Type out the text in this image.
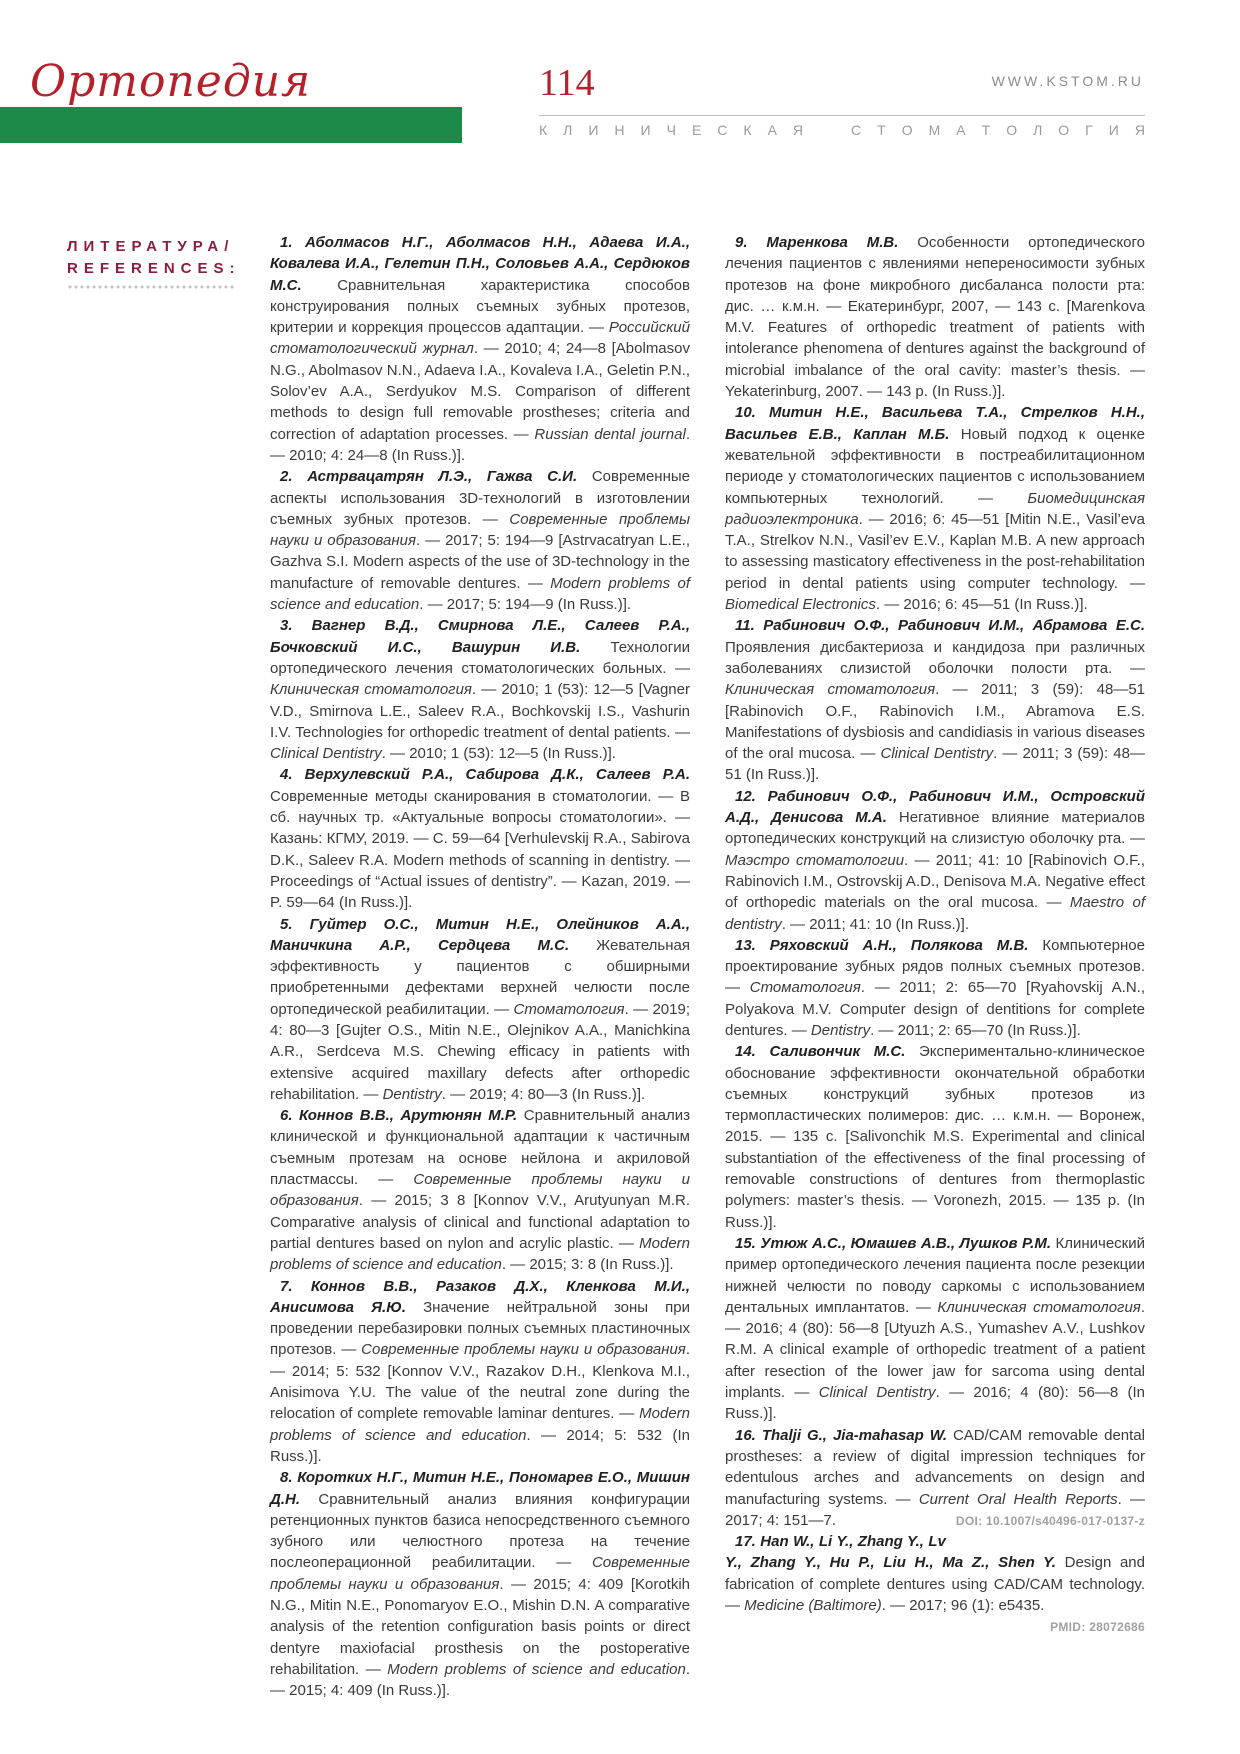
Ортопедия	114	WWW.KSTOM.RU
К Л И Н И Ч Е С К А Я	С Т О М А Т О Л О Г И Я
ЛИТЕРАТУРА/
REFERENCES:

1. Аболмасов Н.Г., Аболмасов Н.Н., Адаева И.А., Ковалева И.А., Гелетин П.Н., Соловьев А.А., Сердюков М.С. Сравнительная характеристика способов конструирования полных съемных зубных протезов, критерии и коррекция процессов адаптации. — Российский стоматологический журнал. — 2010; 4; 24—8 [Abolmasov N.G., Abolmasov N.N., Adaeva I.A., Kovaleva I.A., Geletin P.N., Solov’ev A.A., Serdyukov M.S. Comparison of different methods to design full removable prostheses; criteria and correction of adaptation processes. — Russian dental journal. — 2010; 4: 24—8 (In Russ.)].

2. Астрвацатрян Л.Э., Гажва С.И. Современные аспекты использования 3D-технологий в изготовлении съемных зубных протезов. — Современные проблемы науки и образования. — 2017; 5: 194—9 [Astrvacatryan L.E., Gazhva S.I. Modern aspects of the use of 3D-technology in the manufacture of removable dentures. — Modern problems of science and education. — 2017; 5: 194—9 (In Russ.)].

3. Вагнер В.Д., Смирнова Л.Е., Салеев Р.А., Бочковский И.С., Вашурин И.В. Технологии ортопедического лечения стоматологических больных. — Клиническая стоматология. — 2010; 1 (53): 12—5 [Vagner V.D., Smirnova L.E., Saleev R.A., Bochkovskij I.S., Vashurin I.V. Technologies for orthopedic treatment of dental patients. — Clinical Dentistry. — 2010; 1 (53): 12—5 (In Russ.)].

4. Верхулевский Р.А., Сабирова Д.К., Салеев Р.А. Современные методы сканирования в стоматологии. — В сб. научных тр. «Актуальные вопросы стоматологии». — Казань: КГМУ, 2019. — С. 59—64 [Verhulevskij R.A., Sabirova D.K., Saleev R.A. Modern methods of scanning in dentistry. — Proceedings of “Actual issues of dentistry”. — Kazan, 2019. — P. 59—64 (In Russ.)].

5. Гуйтер О.С., Митин Н.Е., Олейников А.А., Маничкина А.Р., Сердцева М.С. Жевательная эффективность у пациентов с обширными приобретенными дефектами верхней челюсти после ортопедической реабилитации. — Стоматология. — 2019; 4: 80—3 [Gujter O.S., Mitin N.E., Olejnikov A.A., Manichkina A.R., Serdceva M.S. Chewing efficacy in patients with extensive acquired maxillary defects after orthopedic rehabilitation. — Dentistry. — 2019; 4: 80—3 (In Russ.)].

6. Коннов В.В., Арутюнян М.Р. Сравнительный анализ клинической и функциональной адаптации к частичным съемным протезам на основе нейлона и акриловой пластмассы. — Современные проблемы науки и образования. — 2015; 3 8 [Konnov V.V., Arutyunyan M.R. Comparative analysis of clinical and functional adaptation to partial dentures based on nylon and acrylic plastic. — Modern problems of science and education. — 2015; 3: 8 (In Russ.)].

7. Коннов В.В., Разаков Д.Х., Кленкова М.И., Анисимова Я.Ю. Значение нейтральной зоны при проведении перебазировки полных съемных пластиночных протезов. — Современные проблемы науки и образования. — 2014; 5: 532 [Konnov V.V., Razakov D.H., Klenkova M.I., Anisimova Y.U. The value of the neutral zone during the relocation of complete removable laminar dentures. — Modern problems of science and education. — 2014; 5: 532 (In Russ.)].

8. Коротких Н.Г., Митин Н.Е., Пономарев Е.О., Мишин Д.Н. Сравнительный анализ влияния конфигурации ретенционных пунктов базиса непосредственного съемного зубного или челюстного протеза на течение послеоперационной реабилитации. — Современные проблемы науки и образования. — 2015; 4: 409 [Korotkih N.G., Mitin N.E., Ponomaryov E.O., Mishin D.N. A comparative analysis of the retention configuration basis points or direct dentyre maxiofacial prosthesis on the postoperative rehabilitation. — Modern problems of science and education. — 2015; 4: 409 (In Russ.)].

9. Маренкова М.В. Особенности ортопедического лечения пациентов с явлениями непереносимости зубных протезов на фоне микробного дисбаланса полости рта: дис. … к.м.н. — Екатеринбург, 2007, — 143 с. [Marenkova M.V. Features of orthopedic treatment of patients with intolerance phenomena of dentures against the background of microbial imbalance of the oral cavity: master’s thesis. — Yekaterinburg, 2007. — 143 p. (In Russ.)].

10. Митин Н.Е., Васильева Т.А., Стрелков Н.Н., Васильев Е.В., Каплан М.Б. Новый подход к оценке жевательной эффективности в постреабилитационном периоде у стоматологических пациентов с использованием компьютерных технологий. — Биомедицинская радиоэлектроника. — 2016; 6: 45—51 [Mitin N.E., Vasil’eva T.A., Strelkov N.N., Vasil’ev E.V., Kaplan M.B. A new approach to assessing masticatory effectiveness in the post-rehabilitation period in dental patients using computer technology. — Biomedical Electronics. — 2016; 6: 45—51 (In Russ.)].

11. Рабинович О.Ф., Рабинович И.М., Абрамова Е.С. Проявления дисбактериоза и кандидоза при различных заболеваниях слизистой оболочки полости рта. — Клиническая стоматология. — 2011; 3 (59): 48—51 [Rabinovich O.F., Rabinovich I.M., Abramova E.S. Manifestations of dysbiosis and candidiasis in various diseases of the oral mucosa. — Clinical Dentistry. — 2011; 3 (59): 48—51 (In Russ.)].

12. Рабинович О.Ф., Рабинович И.М., Островский А.Д., Денисова М.А. Негативное влияние материалов ортопедических конструкций на слизистую оболочку рта. — Маэстро стоматологии. — 2011; 41: 10 [Rabinovich O.F., Rabinovich I.M., Ostrovskij A.D., Denisova M.A. Negative effect of orthopedic materials on the oral mucosa. — Maestro of dentistry. — 2011; 41: 10 (In Russ.)].

13. Ряховский А.Н., Полякова М.В. Компьютерное проектирование зубных рядов полных съемных протезов. — Стоматология. — 2011; 2: 65—70 [Ryahovskij A.N., Polyakova M.V. Computer design of dentitions for complete dentures. — Dentistry. — 2011; 2: 65—70 (In Russ.)].

14. Саливончик М.С. Экспериментально-клиническое обоснование эффективности окончательной обработки съемных конструкций зубных протезов из термопластических полимеров: дис. … к.м.н. — Воронеж, 2015. — 135 с. [Salivonchik M.S. Experimental and clinical substantiation of the effectiveness of the final processing of removable constructions of dentures from thermoplastic polymers: master’s thesis. — Voronezh, 2015. — 135 p. (In Russ.)].

15. Утюж А.С., Юмашев А.В., Лушков Р.М. Клинический пример ортопедического лечения пациента после резекции нижней челюсти по поводу саркомы с использованием дентальных имплантатов. — Клиническая стоматология. — 2016; 4 (80): 56—8 [Utyuzh A.S., Yumashev A.V., Lushkov R.M. A clinical example of orthopedic treatment of a patient after resection of the lower jaw for sarcoma using dental implants. — Clinical Dentistry. — 2016; 4 (80): 56—8 (In Russ.)].

16. Thalji G., Jia-mahasap W. CAD/CAM removable dental prostheses: a review of digital impression techniques for edentulous arches and advancements on design and manufacturing systems. — Current Oral Health Reports. — 2017; 4: 151—7.	DOI: 10.1007/s40496-017-0137-z

17. Han W., Li Y., Zhang Y., Lv Y., Zhang Y., Hu P., Liu H., Ma Z., Shen Y. Design and fabrication of complete dentures using CAD/CAM technology. — Medicine (Baltimore). — 2017; 96 (1): e5435.
PMID: 28072686
